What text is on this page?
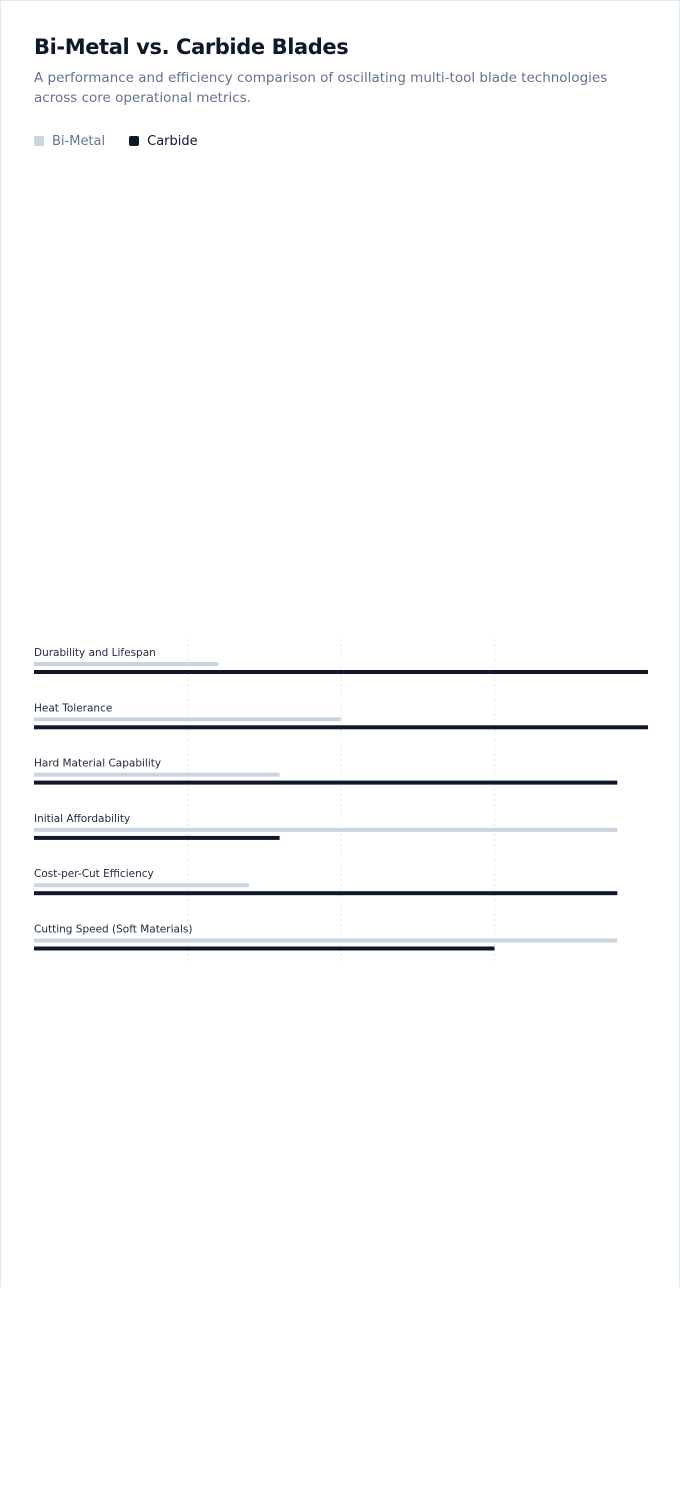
Bi-Metal vs. Carbide Blades

A performance and efficiency comparison of oscillating multi-tool blade technologies across core operational metrics.

Bi-Metal	Carbide
Durability and Lifespan
Heat Tolerance
Hard Material Capability
Initial Affordability
Cost-per-Cut Efficiency
Cutting Speed (Soft Materials)
